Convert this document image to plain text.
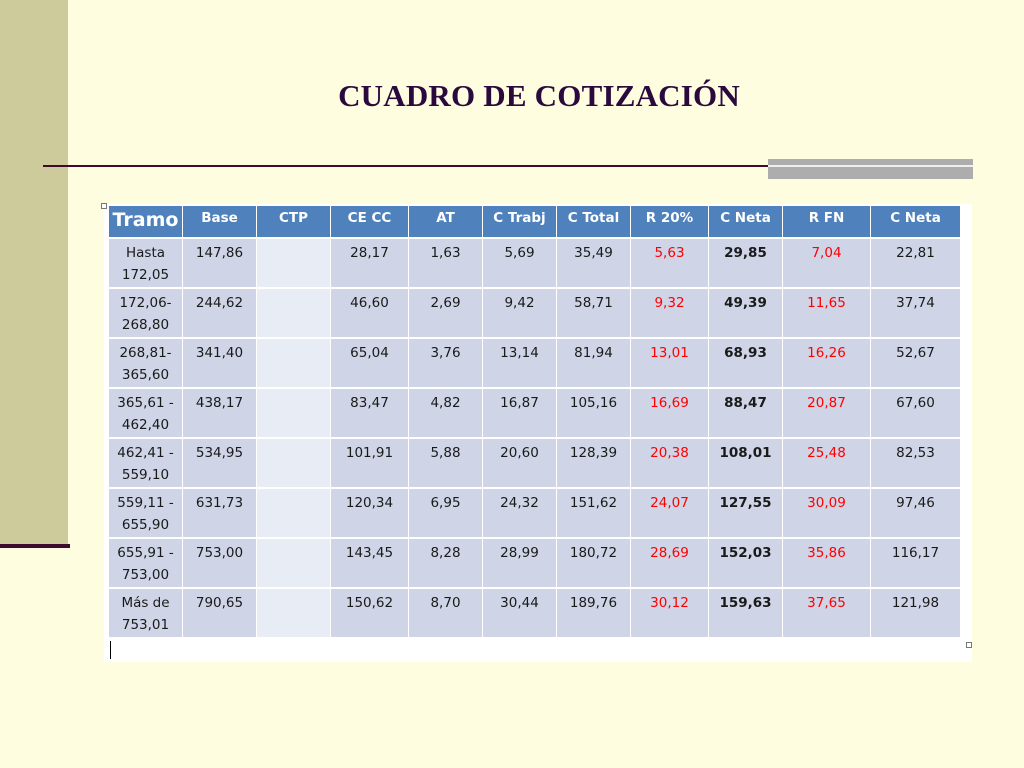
CUADRO DE COTIZACIÓN
Tramo	Base	CTP	CE CC	AT	C Trabj	C Total	R 20%	C Neta	R FN	C Neta
Hasta 172,05	147,86		28,17	1,63	5,69	35,49	5,63	29,85	7,04	22,81
172,06-268,80	244,62		46,60	2,69	9,42	58,71	9,32	49,39	11,65	37,74
268,81-365,60	341,40		65,04	3,76	13,14	81,94	13,01	68,93	16,26	52,67
365,61 - 462,40	438,17		83,47	4,82	16,87	105,16	16,69	88,47	20,87	67,60
462,41 - 559,10	534,95		101,91	5,88	20,60	128,39	20,38	108,01	25,48	82,53
559,11 - 655,90	631,73		120,34	6,95	24,32	151,62	24,07	127,55	30,09	97,46
655,91 - 753,00	753,00		143,45	8,28	28,99	180,72	28,69	152,03	35,86	116,17
Más de 753,01	790,65		150,62	8,70	30,44	189,76	30,12	159,63	37,65	121,98
